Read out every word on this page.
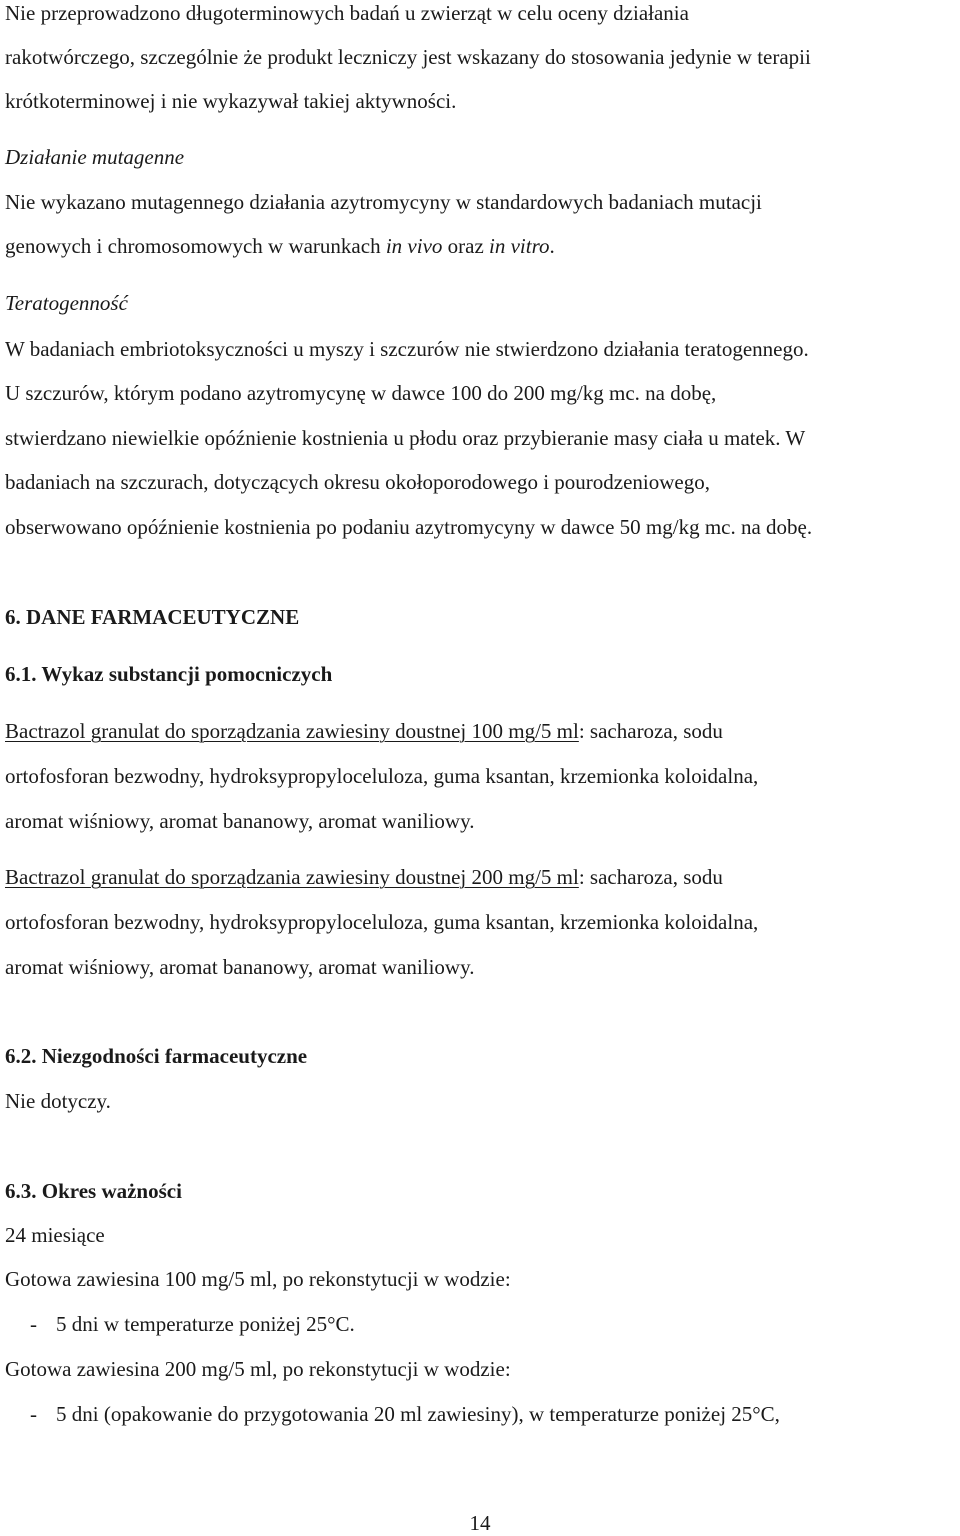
Nie przeprowadzono długoterminowych badań u zwierząt w celu oceny działania
rakotwórczego, szczególnie że produkt leczniczy jest wskazany do stosowania jedynie w terapii
krótkoterminowej i nie wykazywał takiej aktywności.
Działanie mutagenne
Nie wykazano mutagennego działania azytromycyny w standardowych badaniach mutacji
genowych i chromosomowych w warunkach in vivo oraz in vitro.
Teratogenność
W badaniach embriotoksyczności u myszy i szczurów nie stwierdzono działania teratogennego.
U szczurów, którym podano azytromycynę w dawce 100 do 200 mg/kg mc. na dobę,
stwierdzano niewielkie opóźnienie kostnienia u płodu oraz przybieranie masy ciała u matek. W
badaniach na szczurach, dotyczących okresu okołoporodowego i pourodzeniowego,
obserwowano opóźnienie kostnienia po podaniu azytromycyny w dawce 50 mg/kg mc. na dobę.
6. DANE FARMACEUTYCZNE
6.1. Wykaz substancji pomocniczych
Bactrazol granulat do sporządzania zawiesiny doustnej 100 mg/5 ml: sacharoza, sodu
ortofosforan bezwodny, hydroksypropyloceluloza, guma ksantan, krzemionka koloidalna,
aromat wiśniowy, aromat bananowy, aromat waniliowy.
Bactrazol granulat do sporządzania zawiesiny doustnej 200 mg/5 ml: sacharoza, sodu
ortofosforan bezwodny, hydroksypropyloceluloza, guma ksantan, krzemionka koloidalna,
aromat wiśniowy, aromat bananowy, aromat waniliowy.
6.2. Niezgodności farmaceutyczne
Nie dotyczy.
6.3. Okres ważności
24 miesiące
Gotowa zawiesina 100 mg/5 ml, po rekonstytucji w wodzie:
- 5 dni w temperaturze poniżej 25°C.
Gotowa zawiesina 200 mg/5 ml, po rekonstytucji w wodzie:
- 5 dni (opakowanie do przygotowania 20 ml zawiesiny), w temperaturze poniżej 25°C,
14
